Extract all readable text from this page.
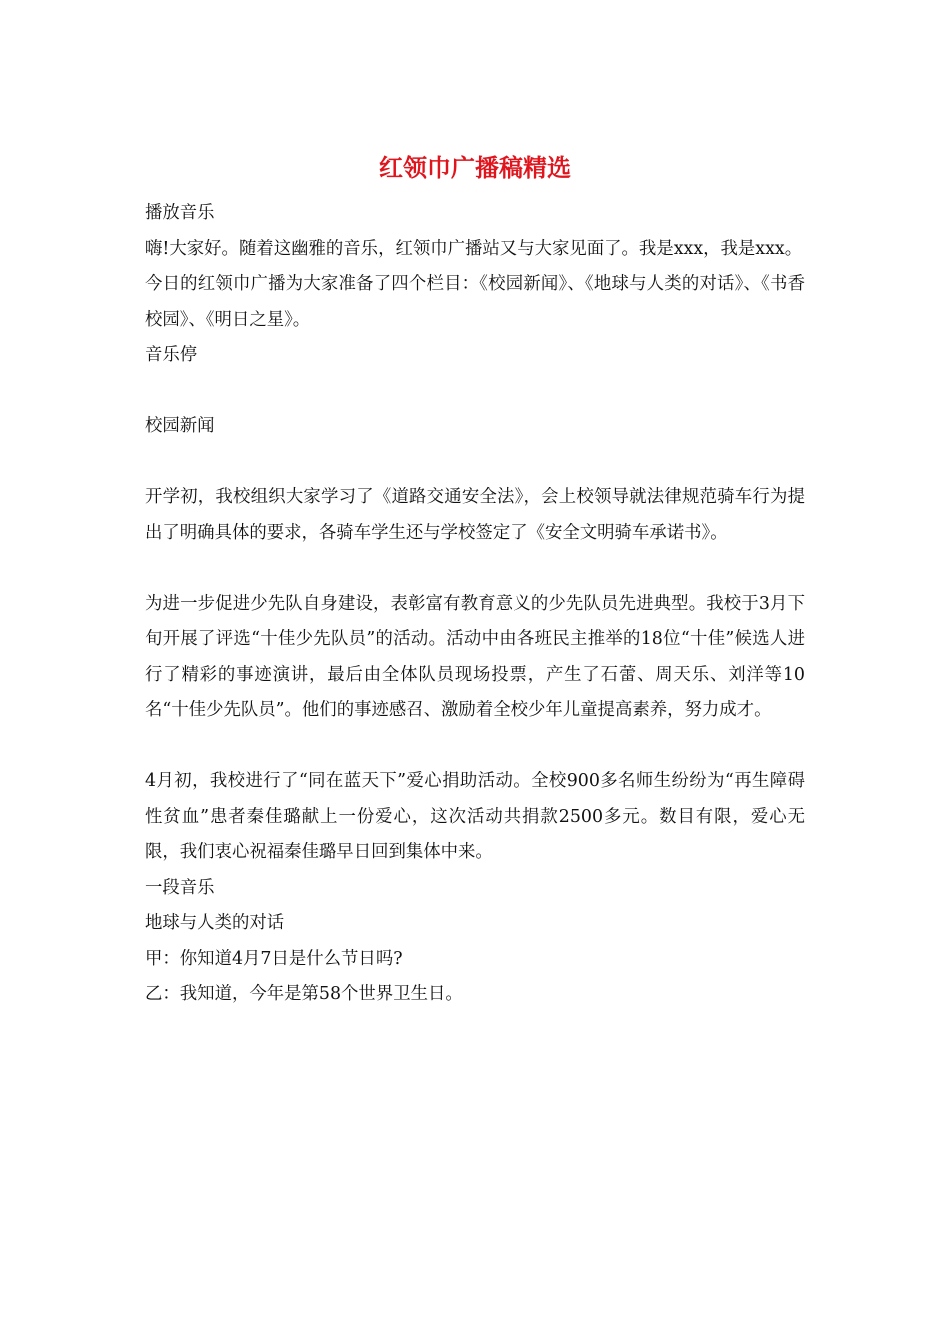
红领巾广播稿精选

播放音乐

嗨!大家好。随着这幽雅的音乐，红领巾广播站又与大家见面了。我是xxx，我是xxx。

今日的红领巾广播为大家准备了四个栏目：《校园新闻》、《地球与人类的对话》、《书香校园》、《明日之星》。

音乐停

校园新闻

开学初，我校组织大家学习了《道路交通安全法》，会上校领导就法律规范骑车行为提出了明确具体的要求，各骑车学生还与学校签定了《安全文明骑车承诺书》。

为进一步促进少先队自身建设，表彰富有教育意义的少先队员先进典型。我校于3月下旬开展了评选“十佳少先队员”的活动。活动中由各班民主推举的18位“十佳”候选人进行了精彩的事迹演讲，最后由全体队员现场投票，产生了石蕾、周天乐、刘洋等10名“十佳少先队员”。他们的事迹感召、激励着全校少年儿童提高素养，努力成才。

4月初，我校进行了“同在蓝天下”爱心捐助活动。全校900多名师生纷纷为“再生障碍性贫血”患者秦佳璐献上一份爱心，这次活动共捐款2500多元。数目有限，爱心无限，我们衷心祝福秦佳璐早日回到集体中来。

一段音乐

地球与人类的对话

甲：你知道4月7日是什么节日吗?

乙：我知道，今年是第58个世界卫生日。
